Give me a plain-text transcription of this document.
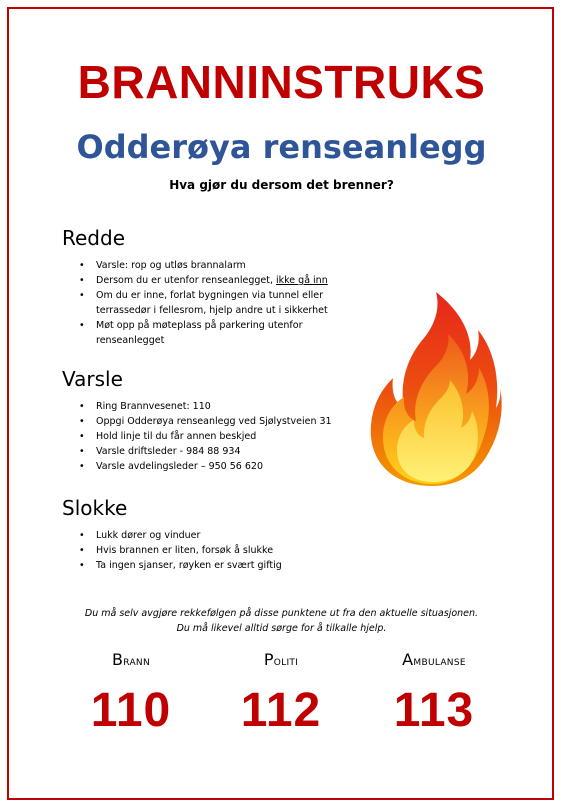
BRANNINSTRUKS
Odderøya renseanlegg
Hva gjør du dersom det brenner?
Redde
• Varsle: rop og utløs brannalarm
• Dersom du er utenfor renseanlegget, ikke gå inn
• Om du er inne, forlat bygningen via tunnel eller terrassedør i fellesrom, hjelp andre ut i sikkerhet
• Møt opp på møteplass på parkering utenfor renseanlegget
Varsle
• Ring Brannvesenet: 110
• Oppgi Odderøya renseanlegg ved Sjølystveien 31
• Hold linje til du får annen beskjed
• Varsle driftsleder - 984 88 934
• Varsle avdelingsleder – 950 56 620
Slokke
• Lukk dører og vinduer
• Hvis brannen er liten, forsøk å slukke
• Ta ingen sjanser, røyken er svært giftig
Du må selv avgjøre rekkefølgen på disse punktene ut fra den aktuelle situasjonen.
Du må likevel alltid sørge for å tilkalle hjelp.
Brann	Politi	Ambulanse
110	112	113
